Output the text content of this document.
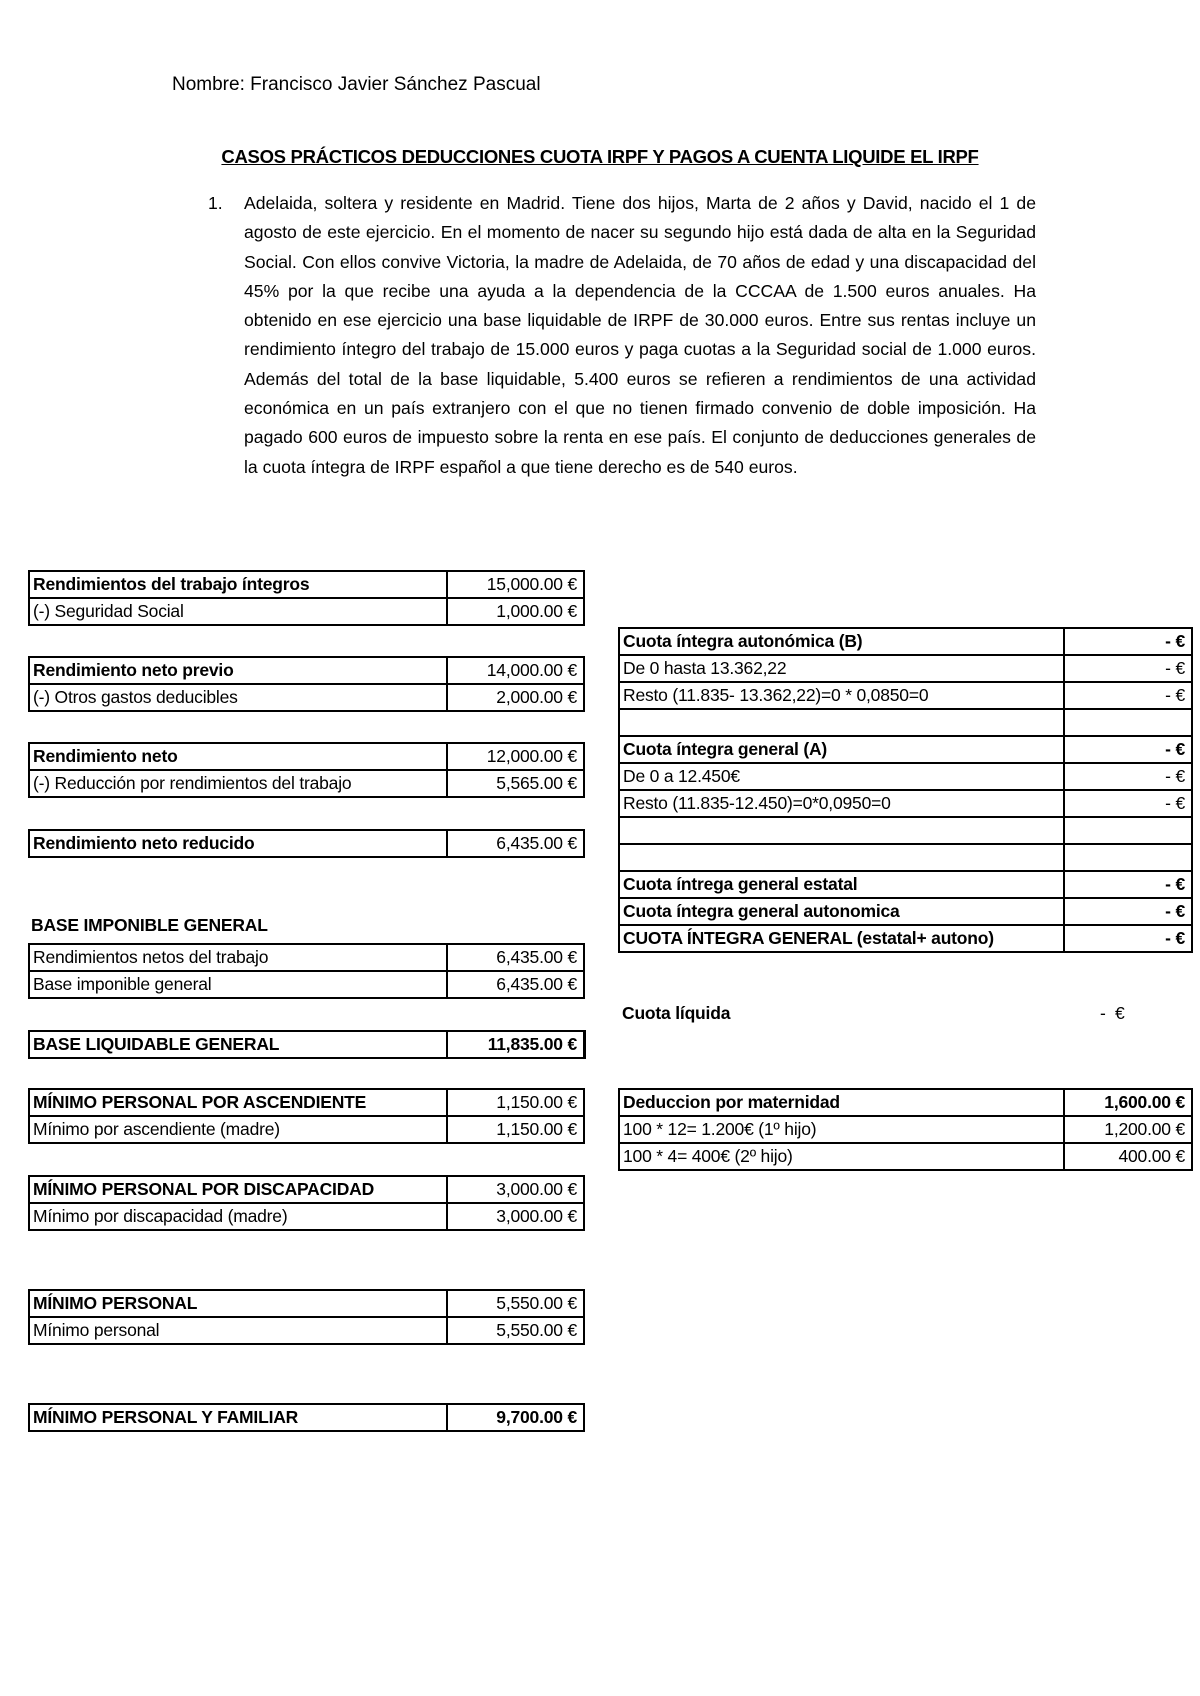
Nombre: Francisco Javier Sánchez Pascual
CASOS PRÁCTICOS DEDUCCIONES CUOTA IRPF Y PAGOS A CUENTA LIQUIDE EL IRPF
1. Adelaida, soltera y residente en Madrid. Tiene dos hijos, Marta de 2 años y David, nacido el 1 de agosto de este ejercicio. En el momento de nacer su segundo hijo está dada de alta en la Seguridad Social. Con ellos convive Victoria, la madre de Adelaida, de 70 años de edad y una discapacidad del 45% por la que recibe una ayuda a la dependencia de la CCCAA de 1.500 euros anuales. Ha obtenido en ese ejercicio una base liquidable de IRPF de 30.000 euros. Entre sus rentas incluye un rendimiento íntegro del trabajo de 15.000 euros y paga cuotas a la Seguridad social de 1.000 euros. Además del total de la base liquidable, 5.400 euros se refieren a rendimientos de una actividad económica en un país extranjero con el que no tienen firmado convenio de doble imposición. Ha pagado 600 euros de impuesto sobre la renta en ese país. El conjunto de deducciones generales de la cuota íntegra de IRPF español a que tiene derecho es de 540 euros.
Rendimientos del trabajo íntegros	15,000.00 €
(-) Seguridad Social	1,000.00 €
Rendimiento neto previo	14,000.00 €
(-) Otros gastos deducibles	2,000.00 €
Rendimiento neto	12,000.00 €
(-) Reducción por rendimientos del trabajo	5,565.00 €
Rendimiento neto reducido	6,435.00 €
BASE IMPONIBLE GENERAL
Rendimientos netos del trabajo	6,435.00 €
Base imponible general	6,435.00 €
BASE LIQUIDABLE GENERAL	11,835.00 €
MÍNIMO PERSONAL POR ASCENDIENTE	1,150.00 €
Mínimo por ascendiente (madre)	1,150.00 €
MÍNIMO PERSONAL POR DISCAPACIDAD	3,000.00 €
Mínimo por discapacidad (madre)	3,000.00 €
MÍNIMO PERSONAL	5,550.00 €
Mínimo personal	5,550.00 €
MÍNIMO PERSONAL Y FAMILIAR	9,700.00 €
Cuota íntegra autonómica (B)	- €
De 0 hasta 13.362,22	- €
Resto (11.835- 13.362,22)=0 * 0,0850=0	- €

Cuota íntegra general (A)	- €
De 0 a 12.450€	- €
Resto (11.835-12.450)=0*0,0950=0	- €

Cuota íntrega general estatal	- €
Cuota íntegra general autonomica	- €
CUOTA ÍNTEGRA GENERAL (estatal+ autono)	- €
Cuota líquida	-  €
Deduccion por maternidad	1,600.00 €
100 * 12= 1.200€ (1º hijo)	1,200.00 €
100 * 4= 400€ (2º hijo)	400.00 €
